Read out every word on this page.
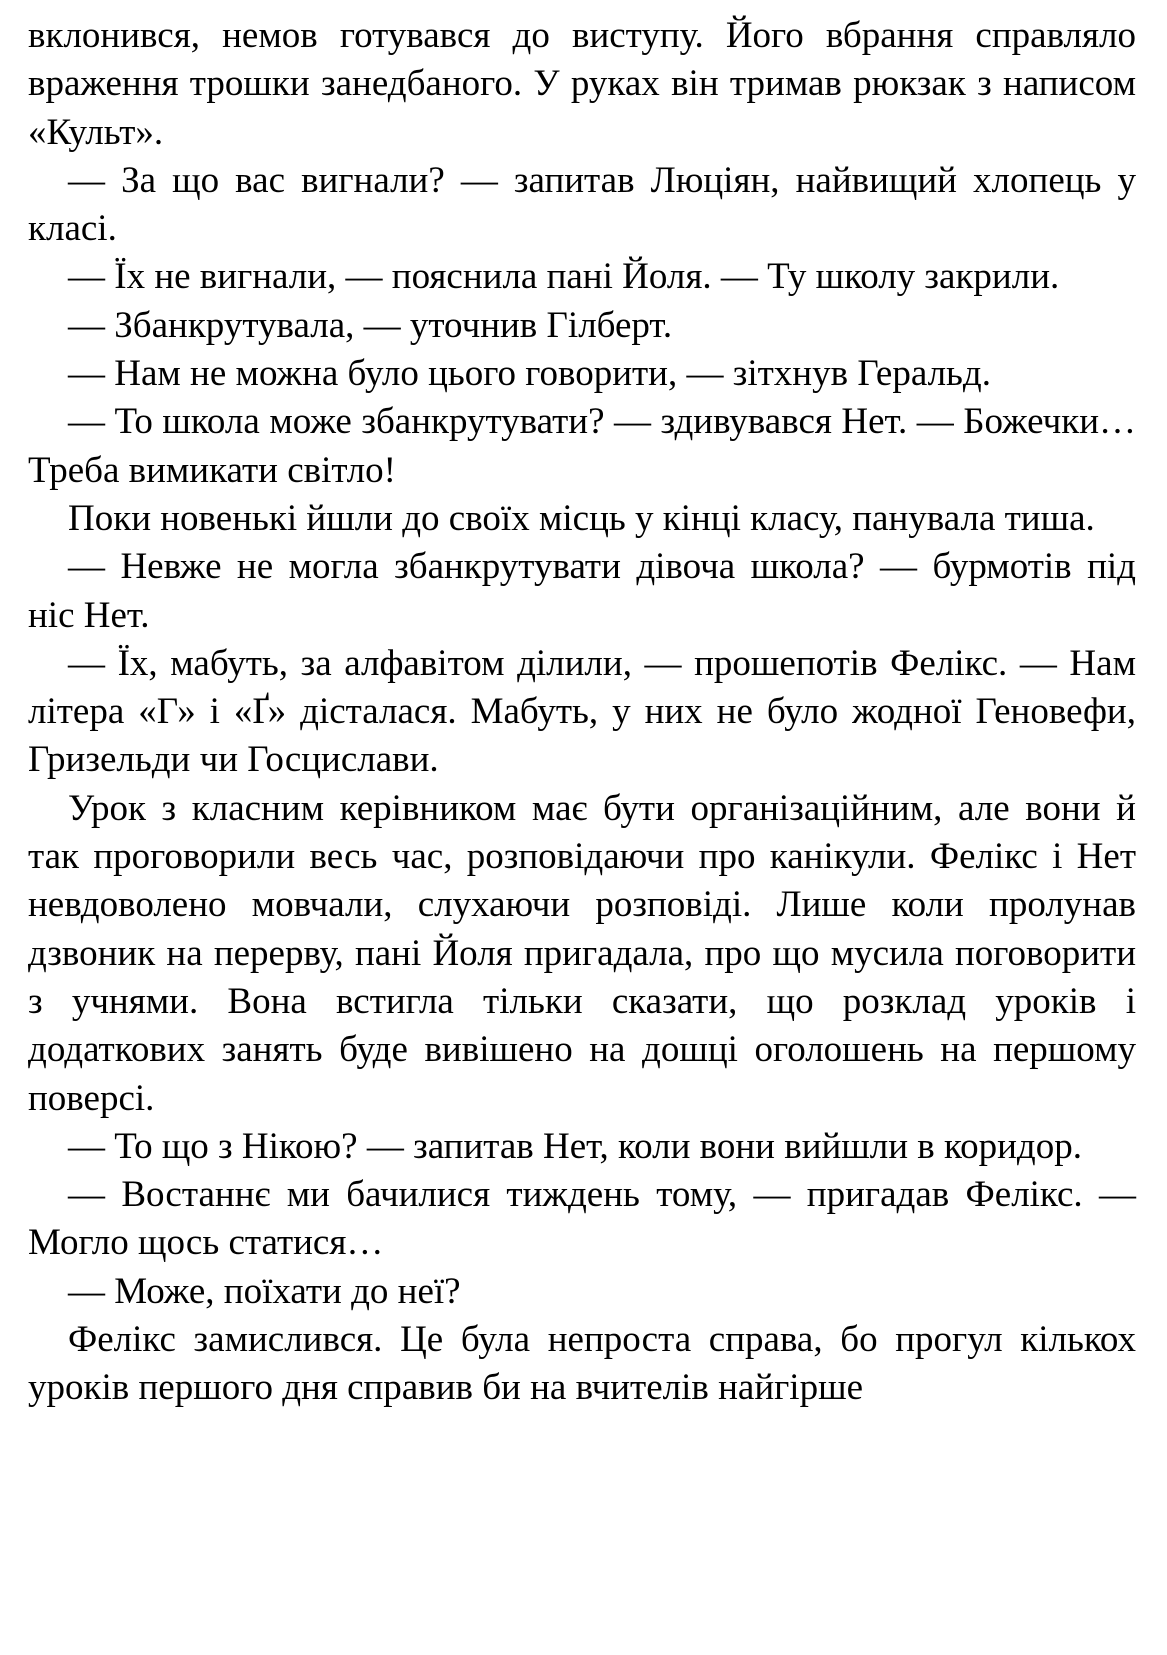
вклонився, немов готувався до виступу. Його вбрання справляло враження трошки занедбаного. У руках він тримав рюкзак з написом «Культ».

— За що вас вигнали? — запитав Люціян, найвищий хлопець у класі.

— Їх не вигнали, — пояснила пані Йоля. — Ту школу закрили.

— Збанкрутувала, — уточнив Гілберт.

— Нам не можна було цього говорити, — зітхнув Геральд.

— То школа може збанкрутувати? — здивувався Нет. — Божечки… Треба вимикати світло!

Поки новенькі йшли до своїх місць у кінці класу, панувала тиша.

— Невже не могла збанкрутувати дівоча школа? — бурмотів під ніс Нет.

— Їх, мабуть, за алфавітом ділили, — прошепотів Фелікс. — Нам літера «Г» і «Ґ» дісталася. Мабуть, у них не було жодної Геновефи, Гризельди чи Госцислави.

Урок з класним керівником має бути організаційним, але вони й так проговорили весь час, розповідаючи про канікули. Фелікс і Нет невдоволено мовчали, слухаючи розповіді. Лише коли пролунав дзвоник на перерву, пані Йоля пригадала, про що мусила поговорити з учнями. Вона встигла тільки сказати, що розклад уроків і додаткових занять буде вивішено на дошці оголошень на першому поверсі.

— То що з Нікою? — запитав Нет, коли вони вийшли в коридор.

— Востаннє ми бачилися тиждень тому, — пригадав Фелікс. — Могло щось статися…

— Може, поїхати до неї?

Фелікс замислився. Це була непроста справа, бо прогул кількох уроків першого дня справив би на вчителів найгірше
